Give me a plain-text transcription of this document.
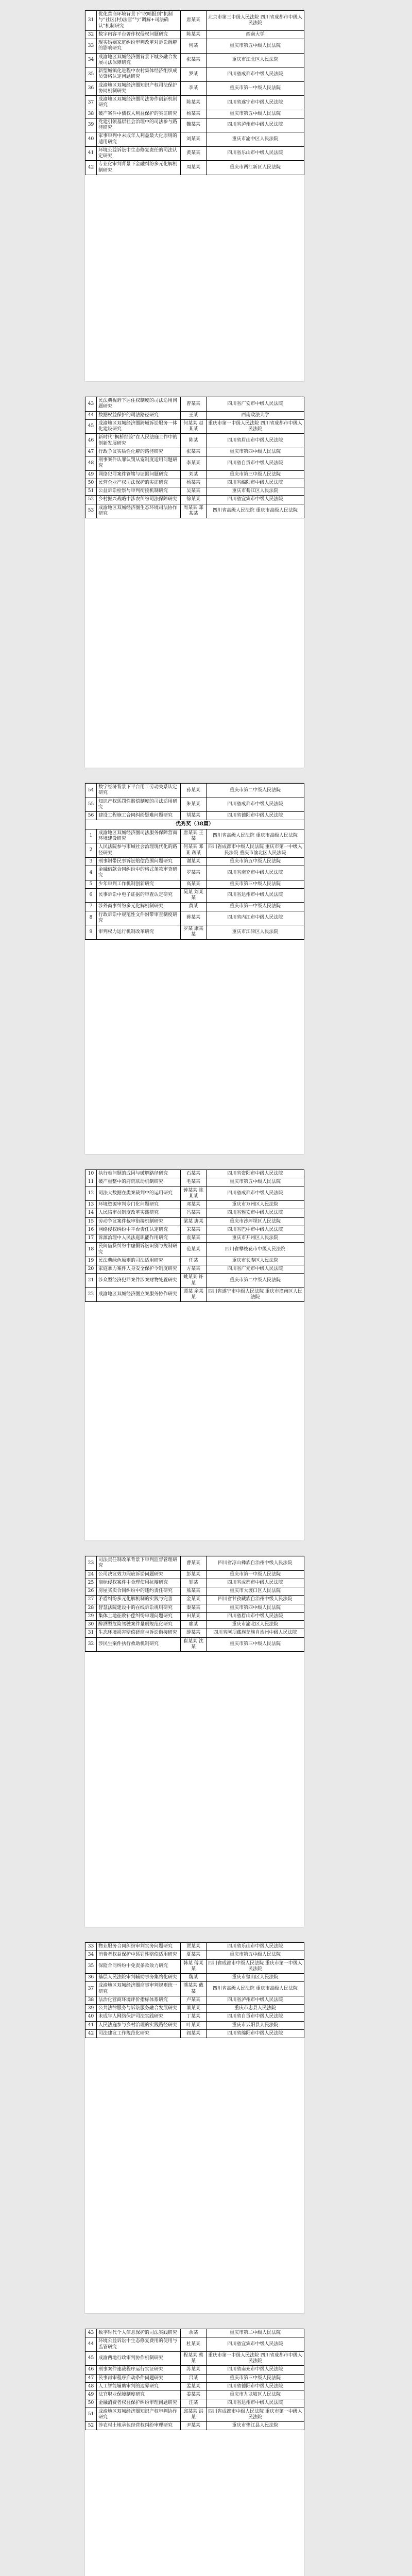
31	优化营商环境背景下“吹哨报到”机制与“社区(村)法官”与“调解+司法确认”机制研究	唐某某	北京市第三中级人民法院 四川省成都市中级人民法院
32	数字内容平台著作权侵权问题研究	陈某某	西南大学
33	现实婚姻家庭纠纷审判改革对诉讼调解的影响研究	何某	重庆市第五中级人民法院
34	成渝地区双城经济圈背景下城乡融合发展司法保障研究	张某某	重庆市江北区人民法院
35	新型城镇化进程中农村集体经济组织成员资格认定问题研究	罗某	四川省成都市中级人民法院
36	成渝地区双城经济圈知识产权司法保护协同机制研究	李某	重庆市第一中级人民法院
37	成渝地区双城经济圈司法协作创新机制研究	陈某某	四川省遂宁市中级人民法院
38	破产案件中债权人利益保护的实证研究	杨某某	重庆市第五中级人民法院
39	党建引领基层社会治理中的司法参与路径研究	魏某某	四川省泸州市中级人民法院
40	家事审判中未成年人利益最大化原则的适用研究	刘某某	重庆市渝中区人民法院
41	环境公益诉讼中生态修复责任的司法认定研究	黄某某	四川省乐山市中级人民法院
42	专业化审判背景下金融纠纷多元化解机制研究	周某某	重庆市两江新区人民法院
43	民法典视野下居住权制度的司法适用问题研究	曾某某	四川省广安市中级人民法院
44	数据权益保护的司法路径研究	王某	西南政法大学
45	成渝地区双城经济圈跨域诉讼服务一体化建设研究	何某某 赵某某	重庆市第一中级人民法院 四川省成都市中级人民法院
46	新时代“枫桥经验”在人民法庭工作中的创新发展研究	陈某	四川省眉山市中级人民法院
47	行政争议实质性化解的路径研究	张某某	重庆市第四中级人民法院
48	刑事案件认罪认罚从宽制度适用问题研究	李某某	四川省自贡市中级人民法院
49	网络犯罪案件管辖与证据问题研究	刘某	重庆市第三中级人民法院
50	民营企业产权司法保护的实证研究	杨某某	四川省绵阳市中级人民法院
51	公益诉讼检察与审判衔接机制研究	吴某某	重庆市綦江区人民法院
52	乡村振兴战略中涉农纠纷司法保障研究	徐某某	四川省宜宾市中级人民法院
53	成渝地区双城经济圈生态环境司法协作研究	周某某 郑某某	四川省高级人民法院 重庆市高级人民法院
54	数字经济背景下平台用工劳动关系认定研究	孙某某	重庆市第二中级人民法院
55	知识产权惩罚性赔偿制度的司法适用研究	朱某某	四川省成都市中级人民法院
56	建设工程施工合同纠纷疑难问题研究	胡某某	四川省德阳市中级人民法院
优秀奖（38篇）			
1	成渝地区双城经济圈司法服务保障营商环境建设研究	唐某某 王某	四川省高级人民法院 重庆市高级人民法院
2	人民法院参与市域社会治理现代化的路径研究	何某某 邓某 蒋某	四川省成都市中级人民法院 重庆市第一中级人民法院 重庆市渝北区人民法院
3	刑事附带民事诉讼赔偿范围问题研究	谢某某	重庆市第五中级人民法院
4	金融借款合同纠纷中的格式条款审查研究	罗某某	四川省南充市中级人民法院
5	少年审判工作机制创新研究	高某某	重庆市第三中级人民法院
6	民事诉讼中电子证据的审查认定研究	吴某 刘某某	四川省达州市中级人民法院
7	涉外商事纠纷多元化解机制研究	黄某	重庆市第一中级人民法院
8	行政诉讼中规范性文件附带审查制度研究	蒋某某	四川省内江市中级人民法院
9	审判权力运行机制改革研究	罗某 康某某	重庆市江津区人民法院
10	执行难问题的成因与破解路径研究	石某某	四川省资阳市中级人民法院
11	破产重整中的府院联动机制研究	毛某某	重庆市第五中级人民法院
12	司法大数据在类案裁判中的运用研究	钟某某 陈某某	四川省成都市中级人民法院
13	环境资源审判专门化问题研究	邓某某	重庆市万州区人民法院
14	人民陪审员制度改革实践研究	冯某某	四川省雅安市中级人民法院
15	劳动争议案件裁审衔接机制研究	梁某 唐某	重庆市沙坪坝区人民法院
16	网络侵权纠纷中平台责任认定研究	宋某某	四川省巴中市中级人民法院
17	诉源治理中人民法庭职能作用研究	袁某某	重庆市开州区人民法院
18	民间借贷纠纷中虚假诉讼识别与规制研究	范某某	四川省攀枝花市中级人民法院
19	民法典绿色原则的司法适用研究	任某	重庆市长寿区人民法院
20	家庭暴力案件人身安全保护令制度研究	方某某	四川省广元市中级人民法院
21	涉众型经济犯罪案件涉案财物处置研究	姚某某 许某	重庆市第二中级人民法院
22	成渝地区双城经济圈立案服务协作研究	谭某 余某某	四川省遂宁市中级人民法院 重庆市潼南区人民法院
23	司法责任制改革背景下审判监督管理研究	曹某某	四川省凉山彝族自治州中级人民法院
24	公司决议效力瑕疵诉讼问题研究	彭某某	重庆市第一中级人民法院
25	商标侵权案件中合理使用抗辩研究	邹某	四川省成都市中级人民法院
26	房屋买卖合同纠纷中的违约责任研究	熊某某	重庆市大渡口区人民法院
27	矛盾纠纷多元化解机制的实践与完善	金某某	四川省甘孜藏族自治州中级人民法院
28	智慧法院建设中的在线诉讼规则研究	秦某某	重庆市第四中级人民法院
29	集体土地征收补偿纠纷审理问题研究	田某某	四川省眉山市中级人民法院
30	醉酒型危险驾驶案件量刑规范化研究	廖某	重庆市渝北区人民法院
31	生态环境损害赔偿磋商与诉讼衔接研究	薛某某	四川省阿坝藏族羌族自治州中级人民法院
32	涉民生案件执行救助机制研究	崔某某 沈某	重庆市第三中级人民法院
33	物业服务合同纠纷审判实务问题研究	贾某某	四川省乐山市中级人民法院
34	消费者权益保护中惩罚性赔偿适用研究	夏某某	重庆市第五中级人民法院
35	保险合同纠纷中免责条款效力研究	韩某 傅某某	四川省成都市中级人民法院 重庆市第一中级人民法院
36	基层人民法院审判辅助事务集约化研究	魏某	重庆市璧山区人民法院
37	成渝地区双城经济圈商事审判规则统一研究	潘某某 戴某	四川省高级人民法院 重庆市高级人民法院
38	法治化营商环境评价指标体系研究	卢某某	四川省泸州市中级人民法院
39	公共法律服务与诉讼服务融合发展研究	萧某某	重庆市忠县人民法院
40	未成年人网络保护司法实践研究	丁某某	四川省自贡市中级人民法院
41	人民法庭参与乡村治理的实践路径研究	叶某某	重庆市云阳县人民法院
42	司法建议工作规范化研究	阎某某	四川省绵阳市中级人民法院
43	数字时代个人信息保护的司法实践研究	余某	重庆市第二中级人民法院
44	环境公益诉讼中生态修复费用的使用与监管研究	杜某某	四川省宜宾市中级人民法院
45	成渝两地行政审判协作机制研究	程某某 蔡某	重庆市第一中级人民法院 四川省成都市中级人民法院
46	刑事案件速裁程序运行实证研究	苏某某	四川省南充市中级人民法院
47	民事再审程序启动条件问题研究	吕某	重庆市第三中级人民法院
48	人工智能辅助审判的边界研究	孟某某	四川省德阳市中级人民法院
49	法官职业保障制度研究	姜某某	重庆市九龙坡区人民法院
50	金融消费者权益保护纠纷审理问题研究	汪某	四川省达州市中级人民法院
51	成渝地区双城经济圈知识产权审判协作研究	邱某某 洪某	四川省成都市中级人民法院 重庆市第一中级人民法院
52	涉农村土地承包经营权纠纷审理研究	尹某某	重庆市垫江县人民法院
